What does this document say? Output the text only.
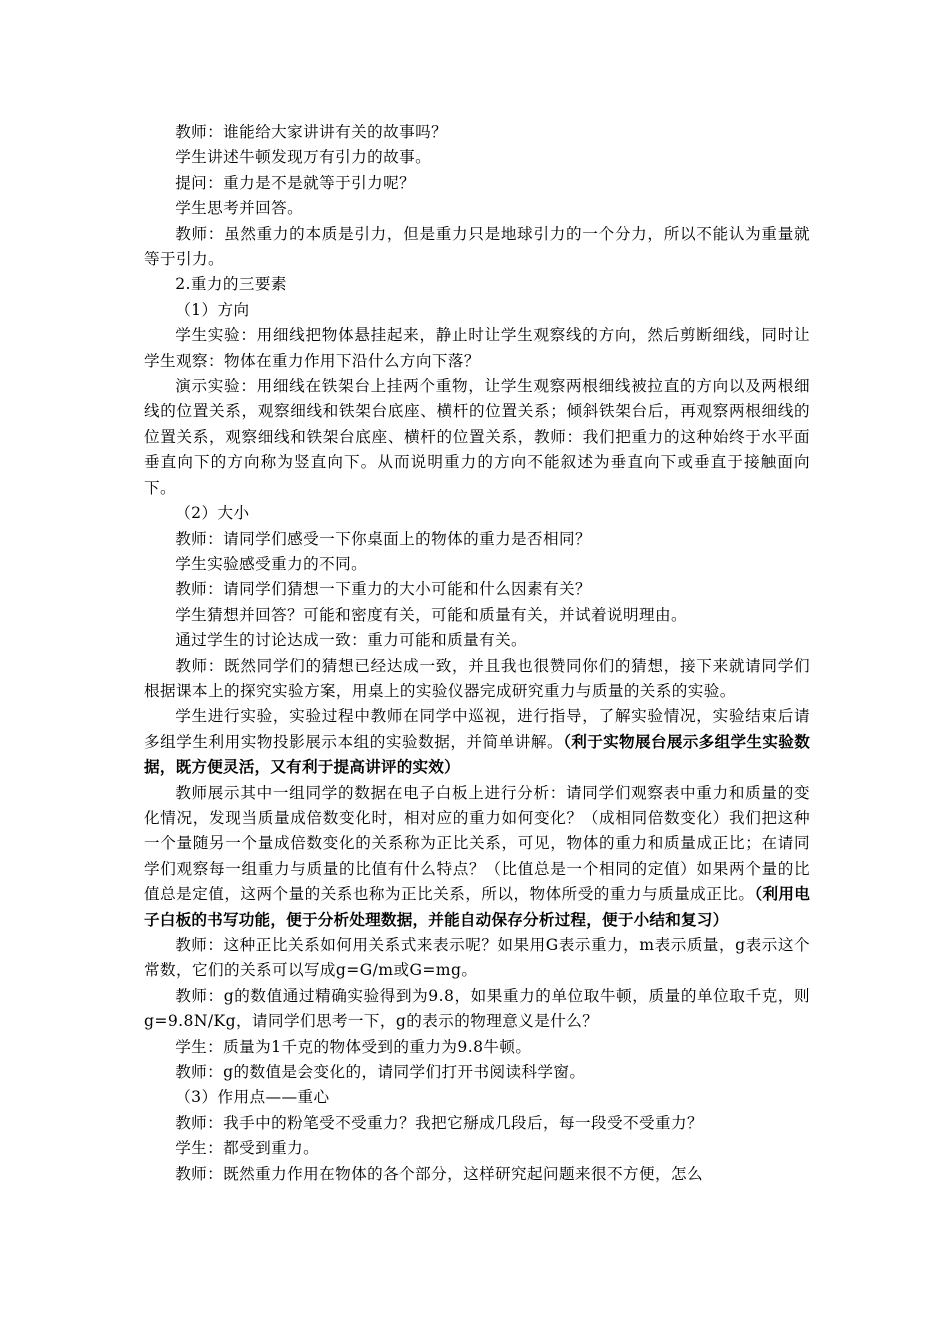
教师：谁能给大家讲讲有关的故事吗？

学生讲述牛顿发现万有引力的故事。

提问：重力是不是就等于引力呢？

学生思考并回答。

教师：虽然重力的本质是引力，但是重力只是地球引力的一个分力，所以不能认为重量就等于引力。

2.重力的三要素

（1）方向

学生实验：用细线把物体悬挂起来，静止时让学生观察线的方向，然后剪断细线，同时让学生观察：物体在重力作用下沿什么方向下落？

演示实验：用细线在铁架台上挂两个重物，让学生观察两根细线被拉直的方向以及两根细线的位置关系，观察细线和铁架台底座、横杆的位置关系；倾斜铁架台后，再观察两根细线的位置关系，观察细线和铁架台底座、横杆的位置关系，教师：我们把重力的这种始终于水平面垂直向下的方向称为竖直向下。从而说明重力的方向不能叙述为垂直向下或垂直于接触面向下。

（2）大小

教师：请同学们感受一下你桌面上的物体的重力是否相同？

学生实验感受重力的不同。

教师：请同学们猜想一下重力的大小可能和什么因素有关？

学生猜想并回答？可能和密度有关，可能和质量有关，并试着说明理由。

通过学生的讨论达成一致：重力可能和质量有关。

教师：既然同学们的猜想已经达成一致，并且我也很赞同你们的猜想，接下来就请同学们根据课本上的探究实验方案，用桌上的实验仪器完成研究重力与质量的关系的实验。

学生进行实验，实验过程中教师在同学中巡视，进行指导，了解实验情况，实验结束后请多组学生利用实物投影展示本组的实验数据，并简单讲解。（利于实物展台展示多组学生实验数据，既方便灵活，又有利于提高讲评的实效）

教师展示其中一组同学的数据在电子白板上进行分析：请同学们观察表中重力和质量的变化情况，发现当质量成倍数变化时，相对应的重力如何变化？（成相同倍数变化）我们把这种一个量随另一个量成倍数变化的关系称为正比关系，可见，物体的重力和质量成正比；在请同学们观察每一组重力与质量的比值有什么特点？（比值总是一个相同的定值）如果两个量的比值总是定值，这两个量的关系也称为正比关系，所以，物体所受的重力与质量成正比。（利用电子白板的书写功能，便于分析处理数据，并能自动保存分析过程，便于小结和复习）

教师：这种正比关系如何用关系式来表示呢？如果用G表示重力，m表示质量，g表示这个常数，它们的关系可以写成g=G/m或G=mg。

教师：g的数值通过精确实验得到为9.8，如果重力的单位取牛顿，质量的单位取千克，则g=9.8N/Kg，请同学们思考一下，g的表示的物理意义是什么？

学生：质量为1千克的物体受到的重力为9.8牛顿。

教师：g的数值是会变化的，请同学们打开书阅读科学窗。

（3）作用点——重心

教师：我手中的粉笔受不受重力？我把它掰成几段后，每一段受不受重力？

学生：都受到重力。

教师：既然重力作用在物体的各个部分，这样研究起问题来很不方便，怎么
